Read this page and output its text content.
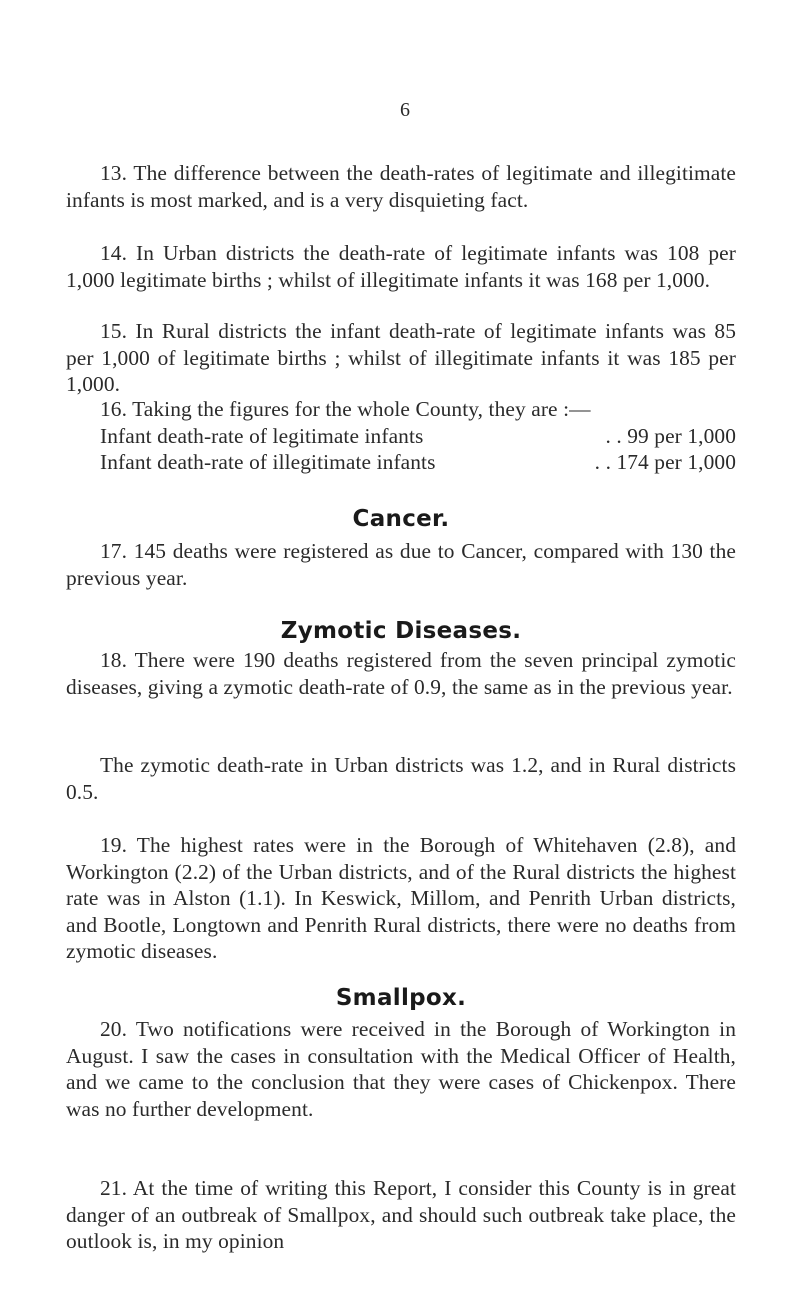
6

13. The difference between the death-rates of legitimate and illegitimate infants is most marked, and is a very disquieting fact.

14. In Urban districts the death-rate of legitimate infants was 108 per 1,000 legitimate births ; whilst of illegitimate infants it was 168 per 1,000.

15. In Rural districts the infant death-rate of legitimate infants was 85 per 1,000 of legitimate births ; whilst of illegitimate infants it was 185 per 1,000.

16. Taking the figures for the whole County, they are :—

Infant death-rate of legitimate infants	. . 99 per 1,000
Infant death-rate of illegitimate infants	. . 174 per 1,000
Cancer.

17. 145 deaths were registered as due to Cancer, compared with 130 the previous year.

Zymotic Diseases.

18. There were 190 deaths registered from the seven principal zymotic diseases, giving a zymotic death-rate of 0.9, the same as in the previous year.

The zymotic death-rate in Urban districts was 1.2, and in Rural districts 0.5.

19. The highest rates were in the Borough of Whitehaven (2.8), and Workington (2.2) of the Urban districts, and of the Rural districts the highest rate was in Alston (1.1). In Keswick, Millom, and Penrith Urban districts, and Bootle, Longtown and Penrith Rural districts, there were no deaths from zymotic diseases.

Smallpox.

20. Two notifications were received in the Borough of Workington in August. I saw the cases in consultation with the Medical Officer of Health, and we came to the conclusion that they were cases of Chickenpox. There was no further development.

21. At the time of writing this Report, I consider this County is in great danger of an outbreak of Smallpox, and should such outbreak take place, the outlook is, in my opinion
